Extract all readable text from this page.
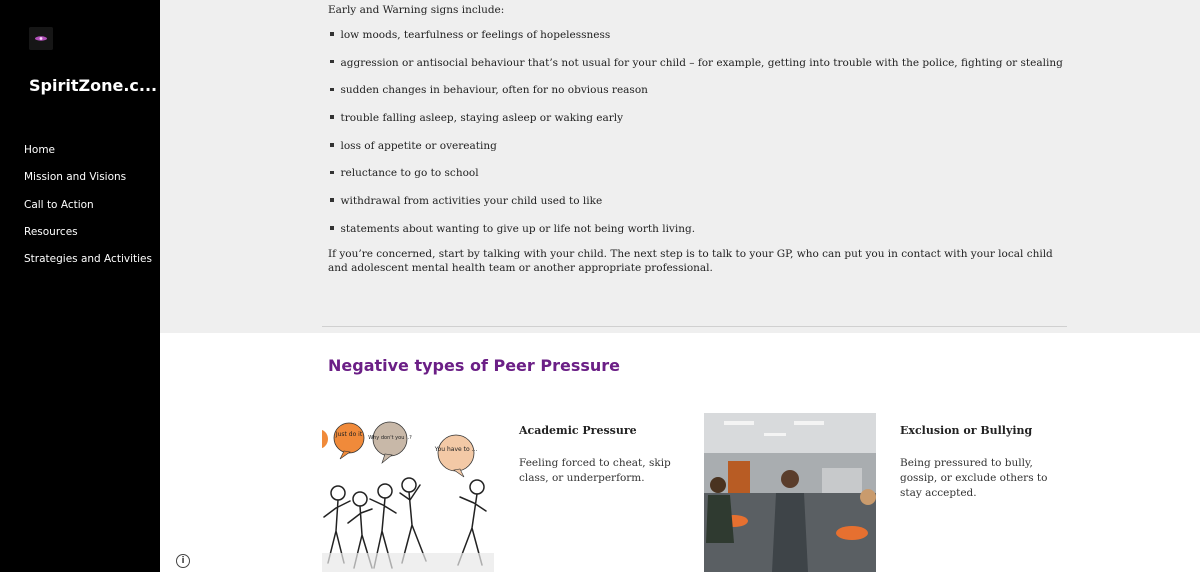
SpiritZone.c...
Home
Mission and Visions
Call to Action
Resources
Strategies and Activities
Early and Warning signs include:
low moods, tearfulness or feelings of hopelessness
aggression or antisocial behaviour that’s not usual for your child – for example, getting into trouble with the police, fighting or stealing
sudden changes in behaviour, often for no obvious reason
trouble falling asleep, staying asleep or waking early
loss of appetite or overeating
reluctance to go to school
withdrawal from activities your child used to like
statements about wanting to give up or life not being worth living.
If you’re concerned, start by talking with your child. The next step is to talk to your GP, who can put you in contact with your local child and adolescent mental health team or another appropriate professional.
Negative types of Peer Pressure
Just do it Why don't you ..?
You have to ...
Academic Pressure
Feeling forced to cheat, skip class, or underperform.
Exclusion or Bullying
Being pressured to bully, gossip, or exclude others to stay accepted.
i
